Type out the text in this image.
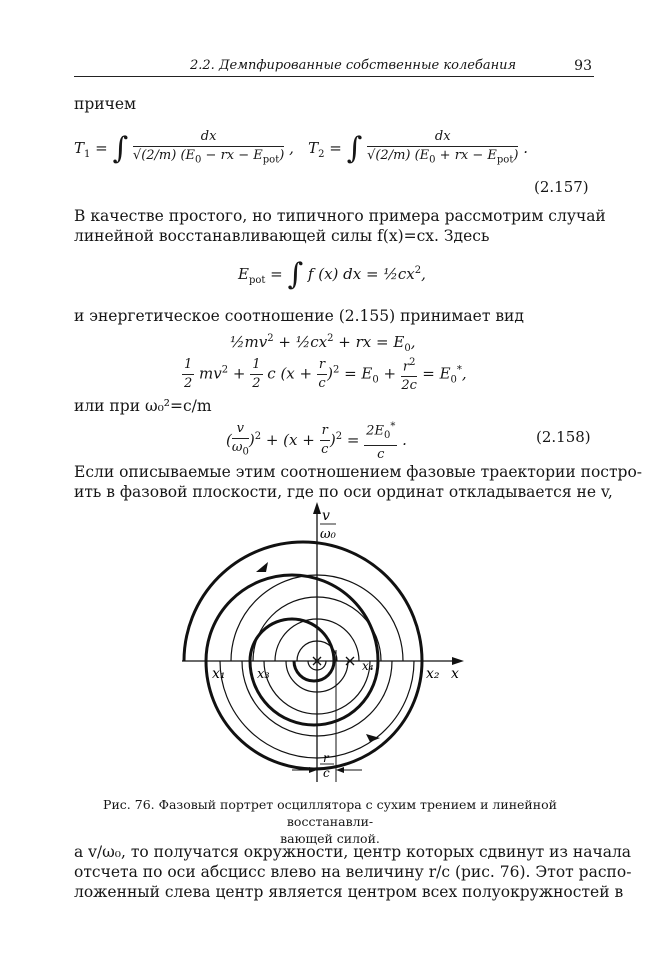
2.2. Демпфированные собственные колебания	93
причем
$T_1$ = ∫ $\frac{dx}{√(2/m) (E_0 - rx - E_{pot})}$ ,   $T_2$ = ∫ $\frac{dx}{√(2/m) (E_0 + rx - E_{pot})}$ .
(2.157)
В качестве простого, но типичного примера рассмотрим случай
линейной восстанавливающей силы f(x)=cx. Здесь
$E_{pot}$ = ∫ f (x) dx = $\frac{1}{2}cx^2$,
и энергетическое соотношение (2.155) принимает вид
$\frac{1}{2}mv^2$ + $\frac{1}{2}cx^2$ + rx = $E_0$,
$\frac{1}{2} mv^2 + \frac{1}{2}$ c $(x + \frac{r}{c} )^2 = E_0 + \frac{r^2}{2c} = E_0^*$,
или при ω₀²=c/m
( $\frac{v}{\omega_0} )^2 + (x + \frac{r}{c} )^2 = \frac{2E_0^*}{c}$ .	(2.158)
Если описываемые этим соотношением фазовые траектории постро-
ить в фазовой плоскости, где по оси ординат откладывается не v,
v
ω₀
x
x₁	x₂
x₃
x₄
r
c
Рис. 76. Фазовый портрет осциллятора с сухим трением и линейной восстанавли-
вающей силой.
а v/ω₀, то получатся окружности, центр которых сдвинут из начала
отсчета по оси абсцисс влево на величину r/c (рис. 76). Этот распо-
ложенный слева центр является центром всех полуокружностей в
